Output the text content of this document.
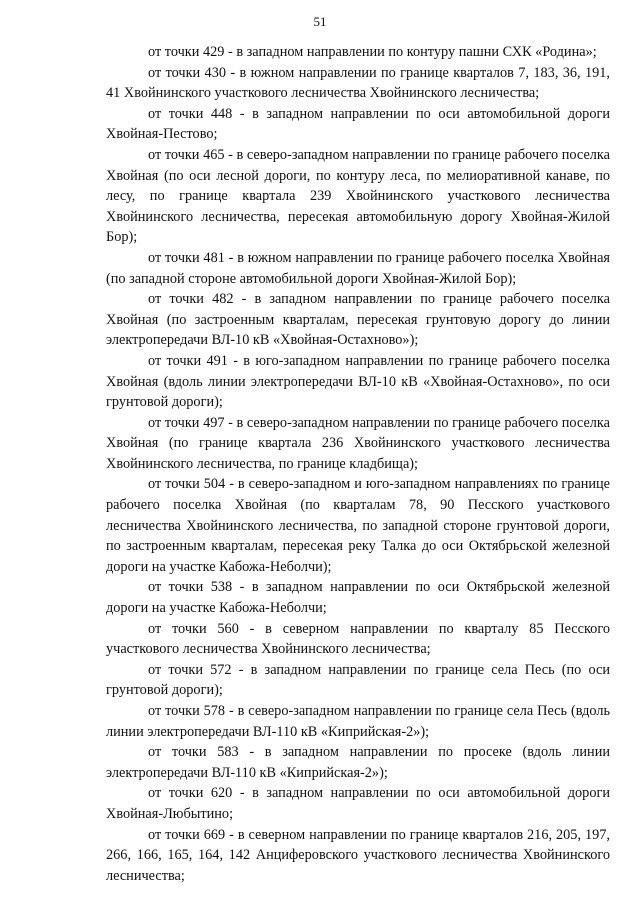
51

от точки 429 - в западном направлении по контуру пашни СХК «Родина»;

от точки 430 - в южном направлении по границе кварталов 7, 183, 36, 191, 41 Хвойнинского участкового лесничества Хвойнинского лесничества;

от точки 448 - в западном направлении по оси автомобильной дороги Хвойная-Пестово;

от точки 465 - в северо-западном направлении по границе рабочего поселка Хвойная (по оси лесной дороги, по контуру леса, по мелиоративной канаве, по лесу, по границе квартала 239 Хвойнинского участкового лесничества Хвойнинского лесничества, пересекая автомобильную дорогу Хвойная-Жилой Бор);

от точки 481 - в южном направлении по границе рабочего поселка Хвойная (по западной стороне автомобильной дороги Хвойная-Жилой Бор);

от точки 482 - в западном направлении по границе рабочего поселка Хвойная (по застроенным кварталам, пересекая грунтовую дорогу до линии электропередачи ВЛ-10 кВ «Хвойная-Остахново»);

от точки 491 - в юго-западном направлении по границе рабочего поселка Хвойная (вдоль линии электропередачи ВЛ-10 кВ «Хвойная-Остахново», по оси грунтовой дороги);

от точки 497 - в северо-западном направлении по границе рабочего поселка Хвойная (по границе квартала 236 Хвойнинского участкового лесничества Хвойнинского лесничества, по границе кладбища);

от точки 504 - в северо-западном и юго-западном направлениях по границе рабочего поселка Хвойная (по кварталам 78, 90 Песского участкового лесничества Хвойнинского лесничества, по западной стороне грунтовой дороги, по застроенным кварталам, пересекая реку Талка до оси Октябрьской железной дороги на участке Кабожа-Неболчи);

от точки 538 - в западном направлении по оси Октябрьской железной дороги на участке Кабожа-Неболчи;

от точки 560 - в северном направлении по кварталу 85 Песского участкового лесничества Хвойнинского лесничества;

от точки 572 - в западном направлении по границе села Песь (по оси грунтовой дороги);

от точки 578 - в северо-западном направлении по границе села Песь (вдоль линии электропередачи ВЛ-110 кВ «Киприйская-2»);

от точки 583 - в западном направлении по просеке (вдоль линии электропередачи ВЛ-110 кВ «Киприйская-2»);

от точки 620 - в западном направлении по оси автомобильной дороги Хвойная-Любытино;

от точки 669 - в северном направлении по границе кварталов 216, 205, 197, 266, 166, 165, 164, 142 Анциферовского участкового лесничества Хвойнинского лесничества;
